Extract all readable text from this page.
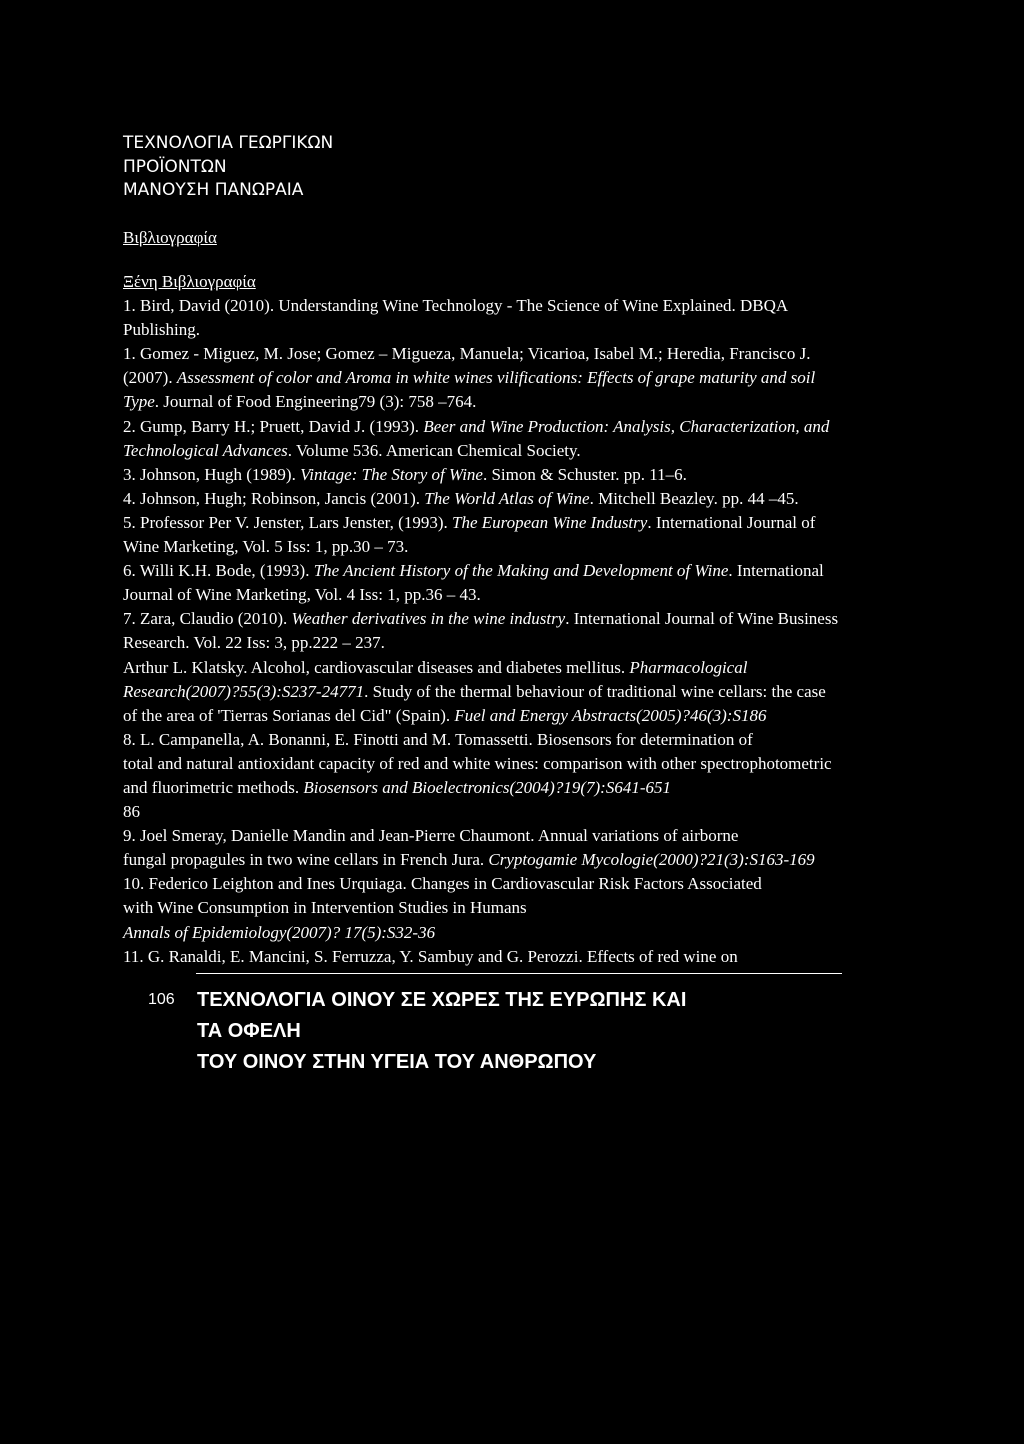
ΤΕΧΝΟΛΟΓΙΑ ΓΕΩΡΓΙΚΩΝ
ΠΡΟΪΟΝΤΩΝ
ΜΑΝΟΥΣΗ ΠΑΝΩΡΑΙΑ
Βιβλιογραφία
Ξένη Βιβλιογραφία
1. Bird, David (2010). Understanding Wine Technology - The Science of Wine Explained. DBQA Publishing.
1. Gomez - Miguez, M. Jose; Gomez – Migueza, Manuela; Vicarioa, Isabel M.; Heredia, Francisco J. (2007). Assessment of color and Aroma in white wines vilifications: Effects of grape maturity and soil Type. Journal of Food Engineering79 (3): 758 –764.
2. Gump, Barry H.; Pruett, David J. (1993). Beer and Wine Production: Analysis, Characterization, and Technological Advances. Volume 536. American Chemical Society.
3. Johnson, Hugh (1989). Vintage: The Story of Wine. Simon & Schuster. pp. 11–6.
4. Johnson, Hugh; Robinson, Jancis (2001). The World Atlas of Wine. Mitchell Beazley. pp. 44 –45.
5. Professor Per V. Jenster, Lars Jenster, (1993). The European Wine Industry. International Journal of Wine Marketing, Vol. 5 Iss: 1, pp.30 – 73.
6. Willi K.H. Bode, (1993). The Ancient History of the Making and Development of Wine. International Journal of Wine Marketing, Vol. 4 Iss: 1, pp.36 – 43.
7. Zara, Claudio (2010). Weather derivatives in the wine industry. International Journal of Wine Business Research. Vol. 22 Iss: 3, pp.222 – 237.
Arthur L. Klatsky. Alcohol, cardiovascular diseases and diabetes mellitus. Pharmacological Research(2007)?55(3):S237-24771. Study of the thermal behaviour of traditional wine cellars: the case of the area of 'Tierras Sorianas del Cid" (Spain). Fuel and Energy Abstracts(2005)?46(3):S186
8. L. Campanella, A. Bonanni, E. Finotti and M. Tomassetti. Biosensors for determination of
total and natural antioxidant capacity of red and white wines: comparison with other spectrophotometric and fluorimetric methods. Biosensors and Bioelectronics(2004)?19(7):S641-651
86
9. Joel Smeray, Danielle Mandin and Jean-Pierre Chaumont. Annual variations of airborne
fungal propagules in two wine cellars in French Jura. Cryptogamie Mycologie(2000)?21(3):S163-169
10. Federico Leighton and Ines Urquiaga. Changes in Cardiovascular Risk Factors Associated
with Wine Consumption in Intervention Studies in Humans
Annals of Epidemiology(2007)? 17(5):S32-36
11. G. Ranaldi, E. Mancini, S. Ferruzza, Y. Sambuy and G. Perozzi. Effects of red wine on
106 ΤΕΧΝΟΛΟΓΙΑ ΟΙΝΟΥ ΣΕ ΧΩΡΕΣ ΤΗΣ ΕΥΡΩΠΗΣ ΚΑΙ
ΤΑ ΟΦΕΛΗ
ΤΟΥ ΟΙΝΟΥ ΣΤΗΝ ΥΓΕΙΑ ΤΟΥ ΑΝΘΡΩΠΟΥ
